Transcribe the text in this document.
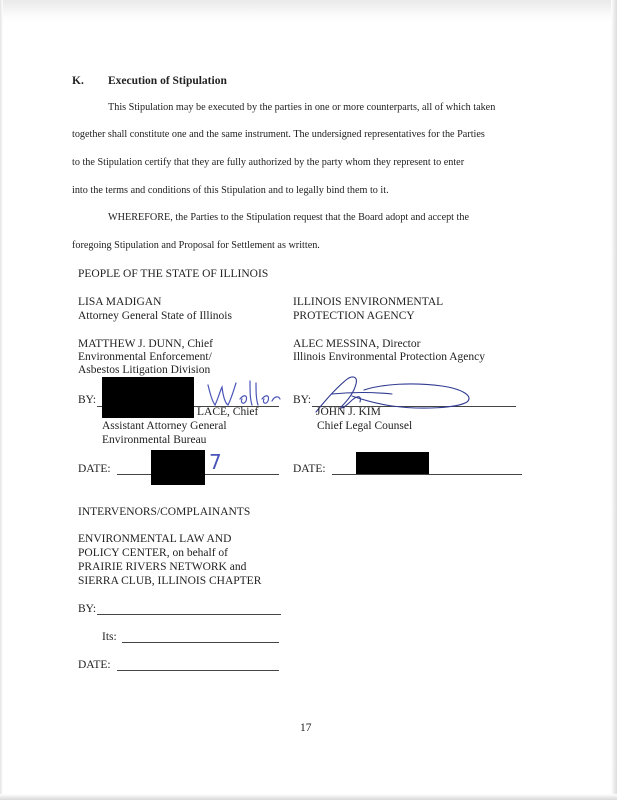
K. Execution of Stipulation
This Stipulation may be executed by the parties in one or more counterparts, all of which taken
together shall constitute one and the same instrument. The undersigned representatives for the Parties
to the Stipulation certify that they are fully authorized by the party whom they represent to enter
into the terms and conditions of this Stipulation and to legally bind them to it.
WHEREFORE, the Parties to the Stipulation request that the Board adopt and accept the
foregoing Stipulation and Proposal for Settlement as written.
PEOPLE OF THE STATE OF ILLINOIS
LISA MADIGAN
Attorney General State of Illinois
MATTHEW J. DUNN, Chief
Environmental Enforcement/
Asbestos Litigation Division
BY:
LACE, Chief
Assistant Attorney General
Environmental Bureau
DATE:	7
ILLINOIS ENVIRONMENTAL
PROTECTION AGENCY
ALEC MESSINA, Director
Illinois Environmental Protection Agency
BY:
JOHN J. KIM
Chief Legal Counsel
DATE:
INTERVENORS/COMPLAINANTS
ENVIRONMENTAL LAW AND
POLICY CENTER, on behalf of
PRAIRIE RIVERS NETWORK and
SIERRA CLUB, ILLINOIS CHAPTER
BY:
Its:
DATE:
17
